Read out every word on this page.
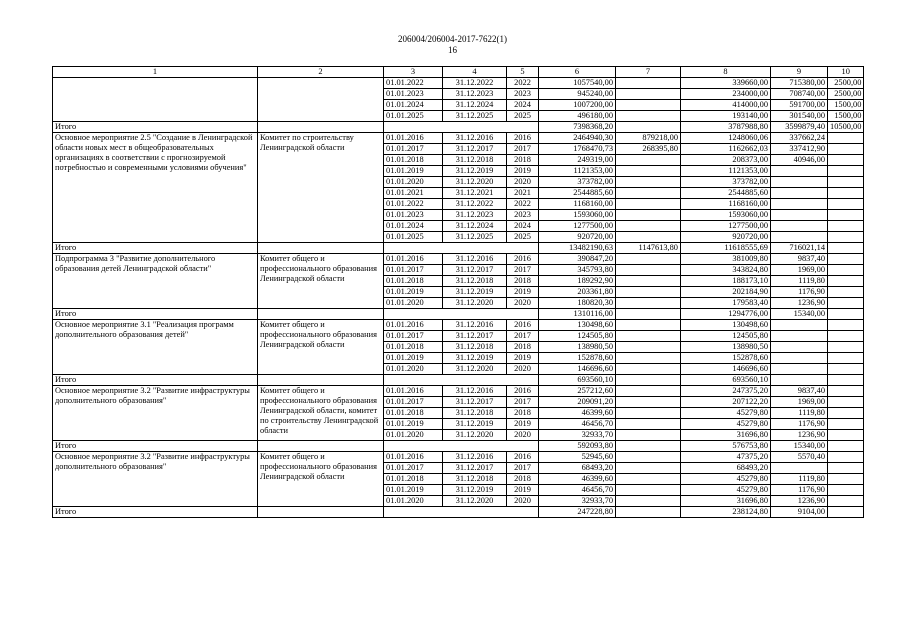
206004/206004-2017-7622(1)
16
1	2	3	4	5	6	7	8	9	10
		01.01.2022	31.12.2022	2022	1057540,00		339660,00	715380,00	2500,00
		01.01.2023	31.12.2023	2023	945240,00		234000,00	708740,00	2500,00
		01.01.2024	31.12.2024	2024	1007200,00		414000,00	591700,00	1500,00
		01.01.2025	31.12.2025	2025	496180,00		193140,00	301540,00	1500,00
Итого					7398368,20		3787988,80	3599879,40	10500,00
Основное мероприятие 2.5 "Создание в Ленинградской области новых мест в общеобразовательных организациях в соответствии с прогнозируемой потребностью и современными условиями обучения"	Комитет по строительству Ленинградской области	01.01.2016	31.12.2016	2016	2464940,30	879218,00	1248060,06	337662,24	
		01.01.2017	31.12.2017	2017	1768470,73	268395,80	1162662,03	337412,90	
		01.01.2018	31.12.2018	2018	249319,00		208373,00	40946,00	
		01.01.2019	31.12.2019	2019	1121353,00		1121353,00		
		01.01.2020	31.12.2020	2020	373782,00		373782,00		
		01.01.2021	31.12.2021	2021	2544885,60		2544885,60		
		01.01.2022	31.12.2022	2022	1168160,00		1168160,00		
		01.01.2023	31.12.2023	2023	1593060,00		1593060,00		
		01.01.2024	31.12.2024	2024	1277500,00		1277500,00		
		01.01.2025	31.12.2025	2025	920720,00		920720,00		
Итого					13482190,63	1147613,80	11618555,69	716021,14	
Подпрограмма 3 "Развитие дополнительного образования детей Ленинградской области"	Комитет общего и профессионального образования Ленинградской области	01.01.2016	31.12.2016	2016	390847,20		381009,80	9837,40	
		01.01.2017	31.12.2017	2017	345793,80		343824,80	1969,00	
		01.01.2018	31.12.2018	2018	189292,90		188173,10	1119,80	
		01.01.2019	31.12.2019	2019	203361,80		202184,90	1176,90	
		01.01.2020	31.12.2020	2020	180820,30		179583,40	1236,90	
Итого					1310116,00		1294776,00	15340,00	
Основное мероприятие 3.1 "Реализация программ дополнительного образования детей"	Комитет общего и профессионального образования Ленинградской области	01.01.2016	31.12.2016	2016	130498,60		130498,60		
		01.01.2017	31.12.2017	2017	124505,80		124505,80		
		01.01.2018	31.12.2018	2018	138980,50		138980,50		
		01.01.2019	31.12.2019	2019	152878,60		152878,60		
		01.01.2020	31.12.2020	2020	146696,60		146696,60		
Итого					693560,10		693560,10		
Основное мероприятие 3.2 "Развитие инфраструктуры дополнительного образования"	Комитет общего и профессионального образования Ленинградской области, комитет по строительству Ленинградской области	01.01.2016	31.12.2016	2016	257212,60		247375,20	9837,40	
		01.01.2017	31.12.2017	2017	209091,20		207122,20	1969,00	
		01.01.2018	31.12.2018	2018	46399,60		45279,80	1119,80	
		01.01.2019	31.12.2019	2019	46456,70		45279,80	1176,90	
		01.01.2020	31.12.2020	2020	32933,70		31696,80	1236,90	
Итого					592093,80		576753,80	15340,00	
Основное мероприятие 3.2 "Развитие инфраструктуры дополнительного образования"	Комитет общего и профессионального образования Ленинградской области	01.01.2016	31.12.2016	2016	52945,60		47375,20	5570,40	
		01.01.2017	31.12.2017	2017	68493,20		68493,20		
		01.01.2018	31.12.2018	2018	46399,60		45279,80	1119,80	
		01.01.2019	31.12.2019	2019	46456,70		45279,80	1176,90	
		01.01.2020	31.12.2020	2020	32933,70		31696,80	1236,90	
Итого					247228,80		238124,80	9104,00	
